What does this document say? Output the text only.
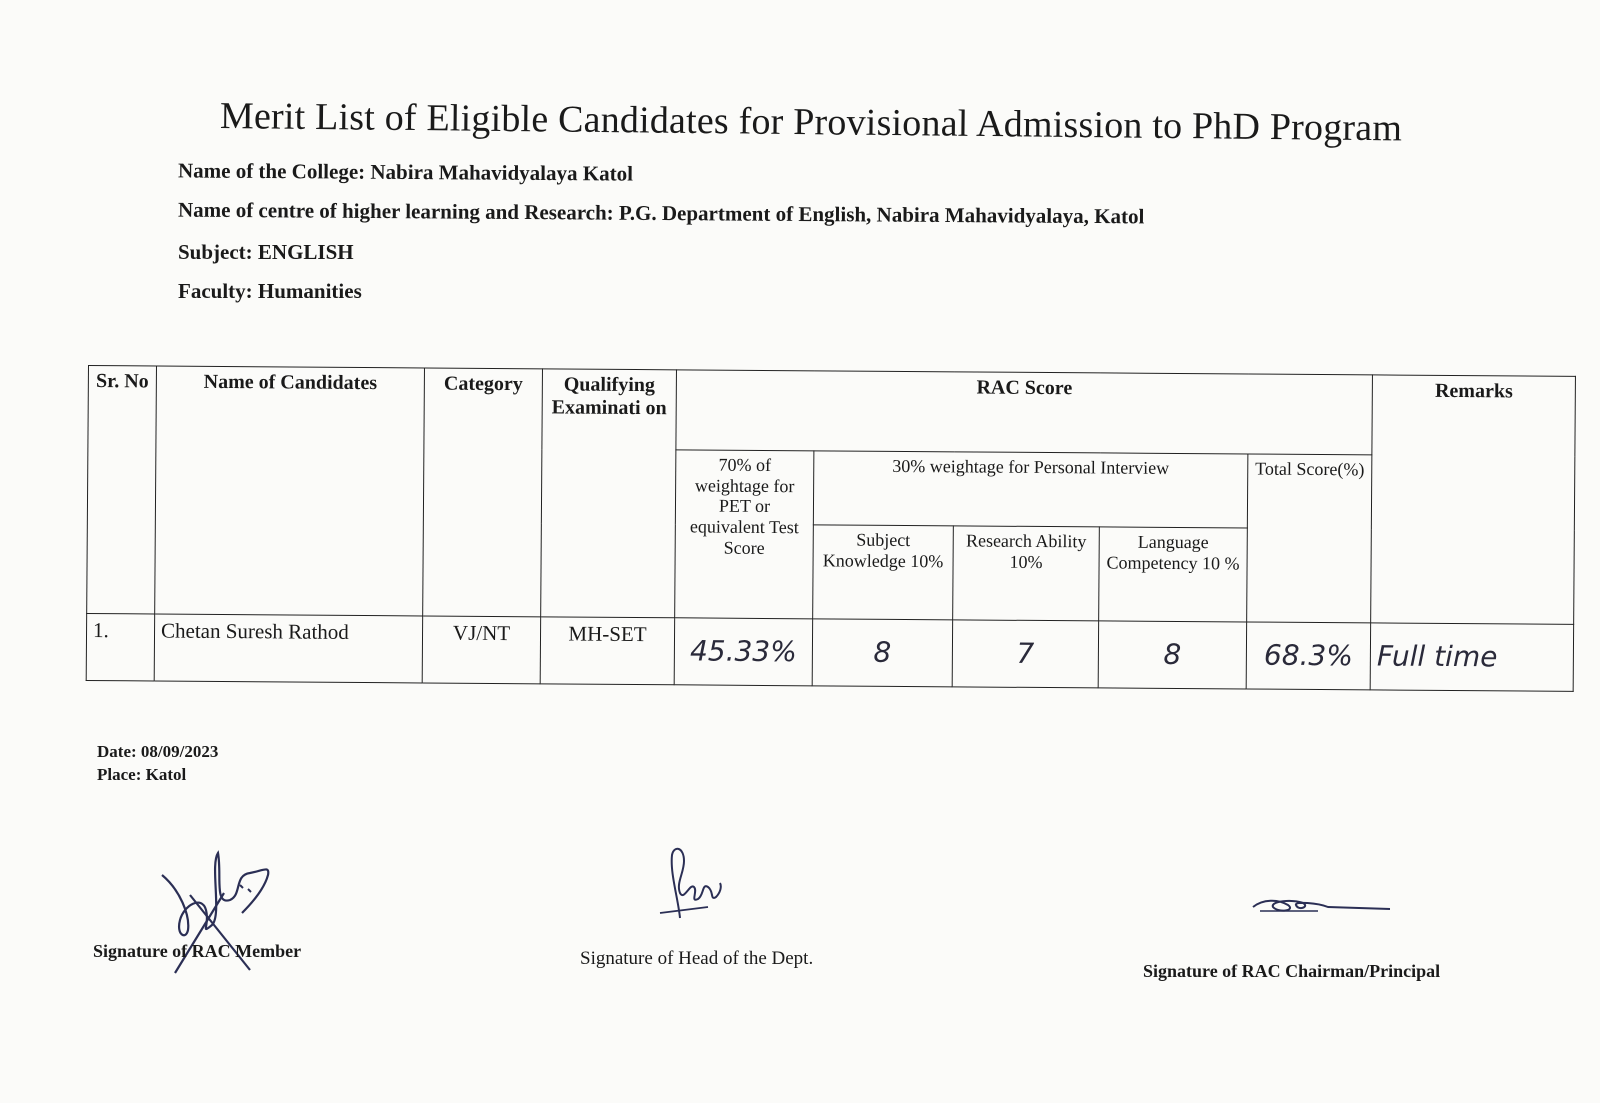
Merit List of Eligible Candidates for Provisional Admission to PhD Program
Name of the College: Nabira Mahavidyalaya Katol
Name of centre of higher learning and Research: P.G. Department of English, Nabira Mahavidyalaya, Katol
Subject: ENGLISH
Faculty: Humanities
Sr. No	Name of Candidates	Category	Qualifying Examinati on	RAC Score					Remarks
				70% of weightage for PET or equivalent Test Score	30% weightage for Personal Interview			Total Score(%)	
					Subject Knowledge 10%	Research Ability 10%	Language Competency 10 %		
1.	Chetan Suresh Rathod	VJ/NT	MH-SET	45.33%	8	7	8	68.3%	Full time
Date: 08/09/2023
Place: Katol
Signature of RAC Member	Signature of Head of the Dept.
Signature of RAC Chairman/Principal
